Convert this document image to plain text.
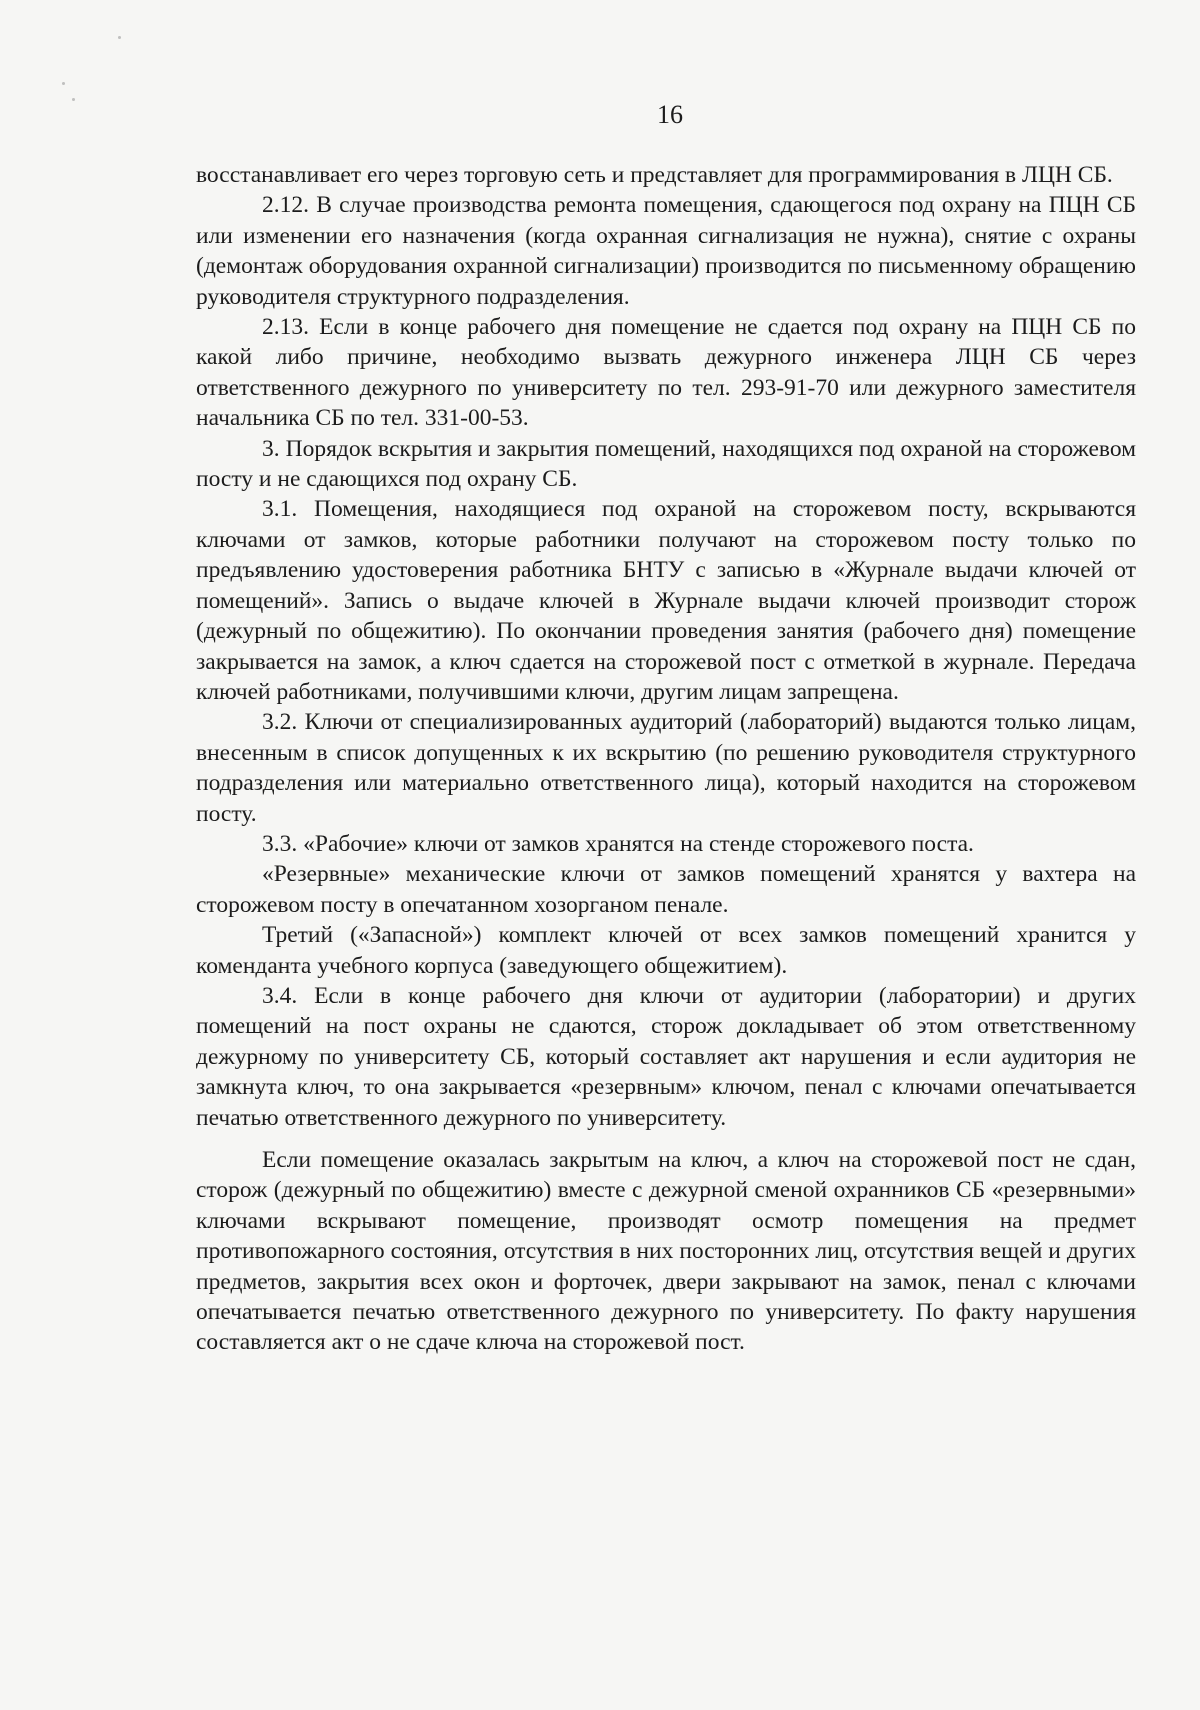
16

восстанавливает его через торговую сеть и представляет для программирования в ЛЦН СБ.

2.12. В случае производства ремонта помещения, сдающегося под охрану на ПЦН СБ или изменении его назначения (когда охранная сигнализация не нужна), снятие с охраны (демонтаж оборудования охранной сигнализации) производится по письменному обращению руководителя структурного подразделения.

2.13. Если в конце рабочего дня помещение не сдается под охрану на ПЦН СБ по какой либо причине, необходимо вызвать дежурного инженера ЛЦН СБ через ответственного дежурного по университету по тел. 293-91-70 или дежурного заместителя начальника СБ по тел. 331-00-53.

3. Порядок вскрытия и закрытия помещений, находящихся под охраной на сторожевом посту и не сдающихся под охрану СБ.

3.1. Помещения, находящиеся под охраной на сторожевом посту, вскрываются ключами от замков, которые работники получают на сторожевом посту только по предъявлению удостоверения работника БНТУ с записью в «Журнале выдачи ключей от помещений». Запись о выдаче ключей в Журнале выдачи ключей производит сторож (дежурный по общежитию). По окончании проведения занятия (рабочего дня) помещение закрывается на замок, а ключ сдается на сторожевой пост с отметкой в журнале. Передача ключей работниками, получившими ключи, другим лицам запрещена.

3.2. Ключи от специализированных аудиторий (лабораторий) выдаются только лицам, внесенным в список допущенных к их вскрытию (по решению руководителя структурного подразделения или материально ответственного лица), который находится на сторожевом посту.

3.3. «Рабочие» ключи от замков хранятся на стенде сторожевого поста.

«Резервные» механические ключи от замков помещений хранятся у вахтера на сторожевом посту в опечатанном хозорганом пенале.

Третий («Запасной») комплект ключей от всех замков помещений хранится у коменданта учебного корпуса (заведующего общежитием).

3.4. Если в конце рабочего дня ключи от аудитории (лаборатории) и других помещений на пост охраны не сдаются, сторож докладывает об этом ответственному дежурному по университету СБ, который составляет акт нарушения и если аудитория не замкнута ключ, то она закрывается «резервным» ключом, пенал с ключами опечатывается печатью ответственного дежурного по университету.

Если помещение оказалась закрытым на ключ, а ключ на сторожевой пост не сдан, сторож (дежурный по общежитию) вместе с дежурной сменой охранников СБ «резервными» ключами вскрывают помещение, производят осмотр помещения на предмет противопожарного состояния, отсутствия в них посторонних лиц, отсутствия вещей и других предметов, закрытия всех окон и форточек, двери закрывают на замок, пенал с ключами опечатывается печатью ответственного дежурного по университету. По факту нарушения составляется акт о не сдаче ключа на сторожевой пост.
